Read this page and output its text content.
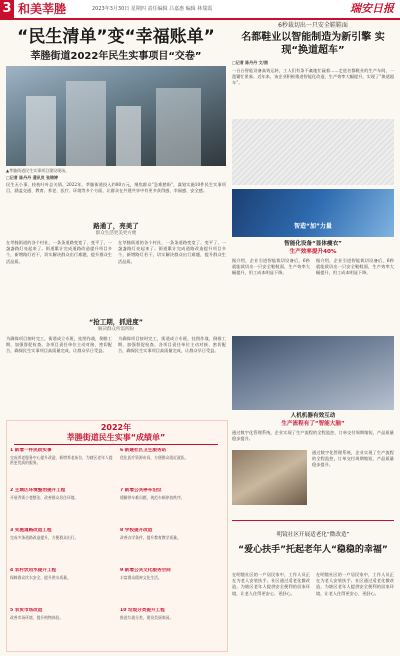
3 和美莘塍	2023年3月30日 星期四 责任编辑 吕嘉惠 编辑 林瑞霞	瑞安日报
“民生清单”变“幸福账单”
莘塍街道2022年民生实事项目“交卷”
▲莘塍街道民生实事项目建设现场。
□记者 陈丹丹 通讯员 张锦婷
民生无小事，枝枝叶叶总关情。2022年，莘塍街道投入约80万元，聚焦群众“急难愁盼”，谋划实施10件民生实事项目，涵盖交通、教育、养老、医疗、环境等多个方面，让群众在共建共享中有更多获得感、幸福感、安全感。
路通了，亮美了
群众生活更美更方便
在莘塍街道的各个村社，一条条道路变宽了、变平了，一盏盏路灯亮起来了。街道累计完成道路改造提升项目多个，新增路灯若干，切实解决群众出行难题，提升群众生活品质。
在莘塍街道的各个村社，一条条道路变宽了、变平了，一盏盏路灯亮起来了。街道累计完成道路改造提升项目多个，新增路灯若干，切实解决群众出行难题，提升群众生活品质。
“抢工期，抓进度”
解决群众所需所盼
为确保项目按时完工，街道成立专班，挂图作战，倒排工期，加强督促检查。各项目责任单位主动对接、密切配合，确保民生实事项目高质量完成，让群众早日受益。
为确保项目按时完工，街道成立专班，挂图作战，倒排工期，加强督促检查。各项目责任单位主动对接、密切配合，确保民生实事项目高质量完成，让群众早日受益。
2022年
莘塍街道民生实事“成绩单”
1 新增一件民政实事
完成养老服务中心提升改造，新增养老床位，为辖区老年人提供更优质的服务。
6 新建社区卫生服务站
优化医疗资源布局，方便群众就近就医。
2 主城区环境整治提升工程
开展背街小巷整治，改善群众居住环境。
7 新增公共停车泊位
缓解停车难问题，规范车辆停放秩序。
3 实施道路改造工程
完成多条道路改造提升，方便群众出行。
8 学校提升改造
改善办学条件，提升教育教学质量。
4 农村饮用水提升工程
保障群众饮水安全，提升供水质量。
9 新增公共文化服务空间
丰富群众精神文化生活。
5 农贸市场改造
改善市场环境，提升购物体验。
10 垃圾分类提升工程
推进垃圾分类，建设美丽家园。
6秒裁切出一只安全鞋鞋面
名都鞋业以智能制造为新引擎 实现“换道超车”
□记者 陈丹丹 文/图
一台台智能设备高效运转，工人们有条不紊地忙碌着……走进名都鞋业的生产车间，一派繁忙景象。近年来，该企业积极推进智能化改造，生产效率大幅提升，实现了“换道超车”。
智造“加”力量
智能化设备“显体瘦衣”
生产效率提升40%
据介绍，企业引进智能裁切设备后，6秒就能裁切出一只安全鞋鞋面，生产效率大幅提升，用工成本明显下降。
据介绍，企业引进智能裁切设备后，6秒就能裁切出一只安全鞋鞋面，生产效率大幅提升，用工成本明显下降。
人机机器有效互动
生产流程有了“智能大脑”
通过数字化管理系统，企业实现了生产流程的全程监控，订单交付周期缩短，产品质量稳步提升。
通过数字化管理系统，企业实现了生产流程的全程监控，订单交付周期缩短，产品质量稳步提升。
明镜社区开展适老化“微改造”
“爱心扶手”托起老年人“稳稳的幸福”
在明镜社区的一户居民家中，工作人员正在为老人安装扶手。社区通过适老化微改造，为辖区老年人提供安全便利的居家环境，让老人住得更安心、更舒心。
在明镜社区的一户居民家中，工作人员正在为老人安装扶手。社区通过适老化微改造，为辖区老年人提供安全便利的居家环境，让老人住得更安心、更舒心。
